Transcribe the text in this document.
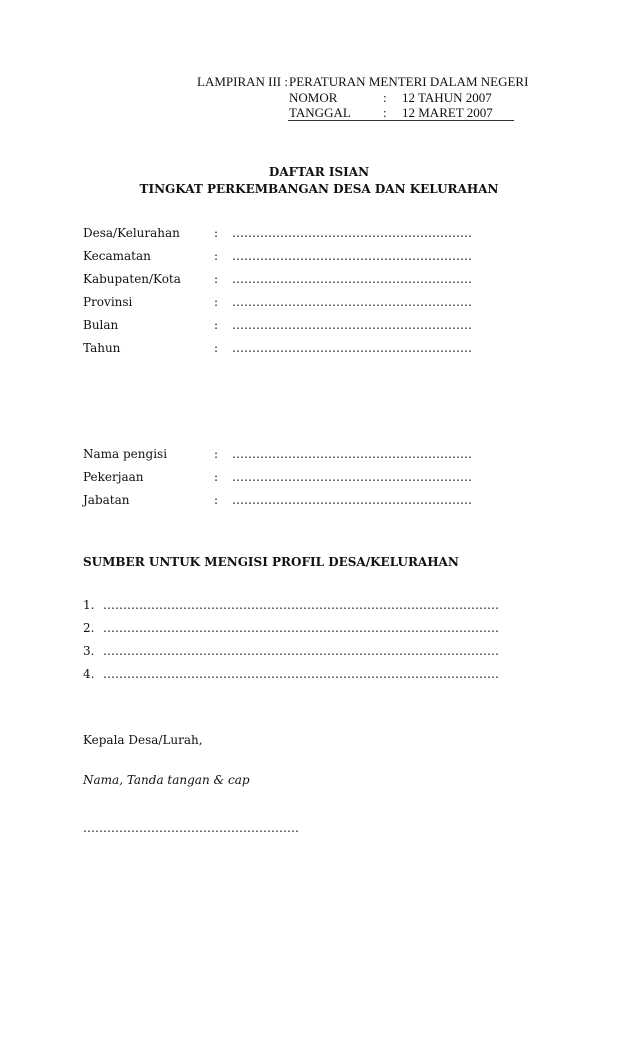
LAMPIRAN III : PERATURAN MENTERI DALAM NEGERI
NOMOR	: 12 TAHUN 2007
TANGGAL : 12 MARET 2007
DAFTAR ISIAN
TINGKAT PERKEMBANGAN DESA DAN KELURAHAN
Desa/Kelurahan	: ……………………………………………………
Kecamatan	: ……………………………………………………
Kabupaten/Kota	: ……………………………………………………
Provinsi	: ……………………………………………………
Bulan	: ……………………………………………………
Tahun	: ……………………………………………………
Nama pengisi	: ……………………………………………………
Pekerjaan	: ……………………………………………………
Jabatan	: ……………………………………………………
SUMBER UNTUK MENGISI PROFIL DESA/KELURAHAN
1. ………………………………………………………………………………………
2. ………………………………………………………………………………………
3. ………………………………………………………………………………………
4. ………………………………………………………………………………………
Kepala Desa/Lurah,
Nama, Tanda tangan & cap
………………………………………………
